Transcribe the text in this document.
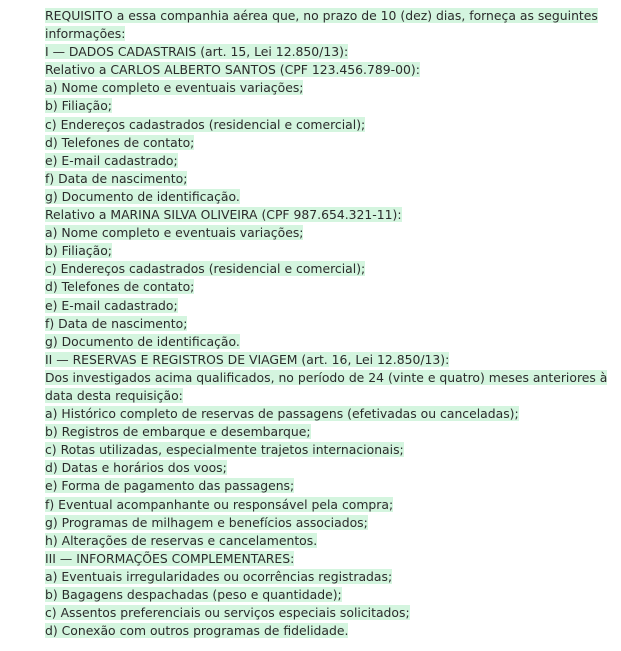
REQUISITO a essa companhia aérea que, no prazo de 10 (dez) dias, forneça as seguintes informações:

I — DADOS CADASTRAIS (art. 15, Lei 12.850/13):

Relativo a CARLOS ALBERTO SANTOS (CPF 123.456.789-00):

a) Nome completo e eventuais variações;

b) Filiação;

c) Endereços cadastrados (residencial e comercial);

d) Telefones de contato;

e) E-mail cadastrado;

f) Data de nascimento;

g) Documento de identificação.

Relativo a MARINA SILVA OLIVEIRA (CPF 987.654.321-11):

a) Nome completo e eventuais variações;

b) Filiação;

c) Endereços cadastrados (residencial e comercial);

d) Telefones de contato;

e) E-mail cadastrado;

f) Data de nascimento;

g) Documento de identificação.

II — RESERVAS E REGISTROS DE VIAGEM (art. 16, Lei 12.850/13):

Dos investigados acima qualificados, no período de 24 (vinte e quatro) meses anteriores à data desta requisição:

a) Histórico completo de reservas de passagens (efetivadas ou canceladas);

b) Registros de embarque e desembarque;

c) Rotas utilizadas, especialmente trajetos internacionais;

d) Datas e horários dos voos;

e) Forma de pagamento das passagens;

f) Eventual acompanhante ou responsável pela compra;

g) Programas de milhagem e benefícios associados;

h) Alterações de reservas e cancelamentos.

III — INFORMAÇÕES COMPLEMENTARES:

a) Eventuais irregularidades ou ocorrências registradas;

b) Bagagens despachadas (peso e quantidade);

c) Assentos preferenciais ou serviços especiais solicitados;

d) Conexão com outros programas de fidelidade.
